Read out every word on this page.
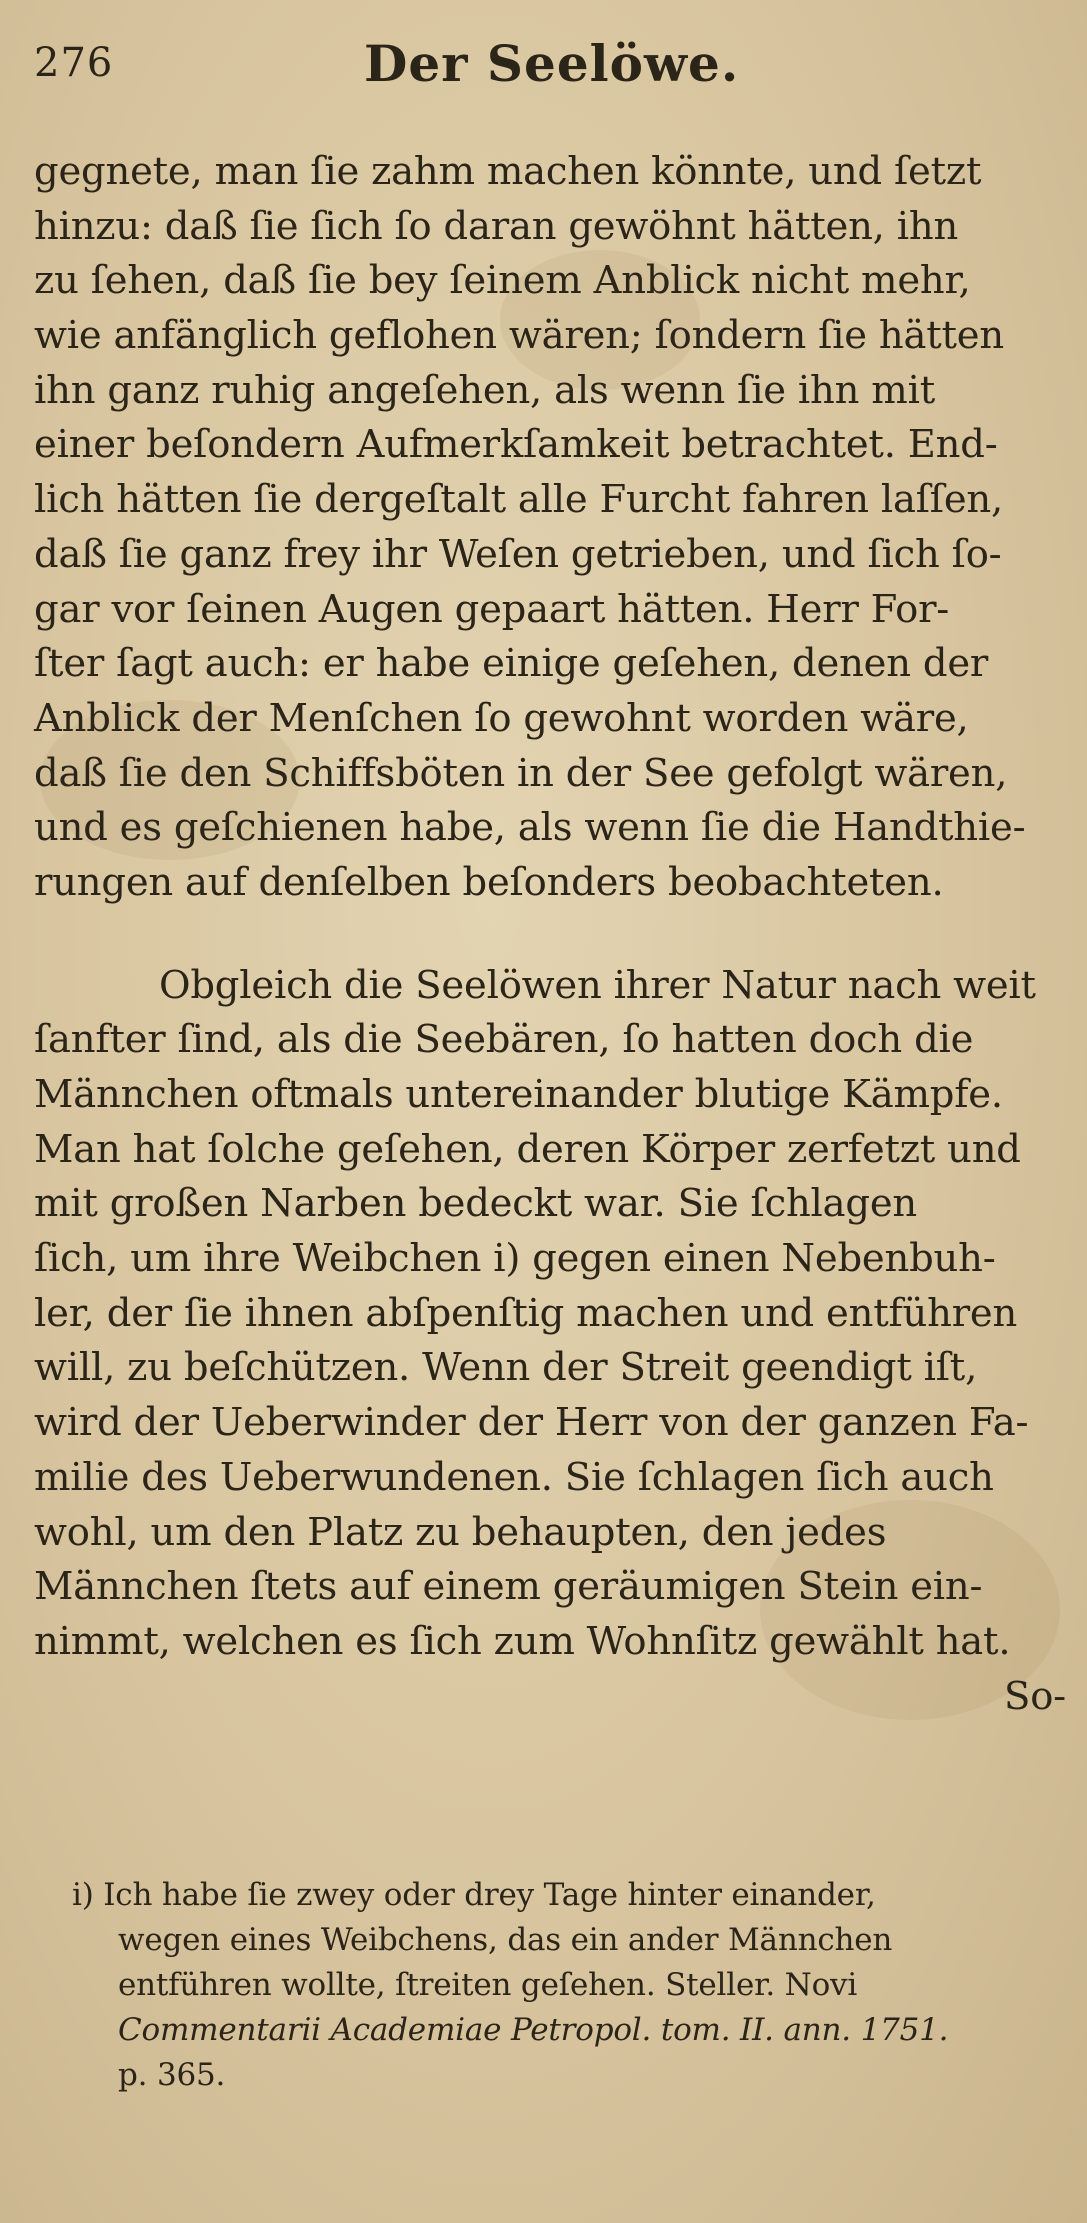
276	Der Seelöwe.
gegnete, man ſie zahm machen könnte, und ſetzt
hinzu: daß ſie ſich ſo daran gewöhnt hätten, ihn
zu ſehen, daß ſie bey ſeinem Anblick nicht mehr,
wie anfänglich geflohen wären; ſondern ſie hätten
ihn ganz ruhig angeſehen, als wenn ſie ihn mit
einer beſondern Aufmerkſamkeit betrachtet. End-
lich hätten ſie dergeſtalt alle Furcht fahren laſſen,
daß ſie ganz frey ihr Weſen getrieben, und ſich ſo-
gar vor ſeinen Augen gepaart hätten. Herr For-
ſter ſagt auch: er habe einige geſehen, denen der
Anblick der Menſchen ſo gewohnt worden wäre,
daß ſie den Schiffsböten in der See gefolgt wären,
und es geſchienen habe, als wenn ſie die Handthie-
rungen auf denſelben beſonders beobachteten.
Obgleich die Seelöwen ihrer Natur nach weit
ſanfter ſind, als die Seebären, ſo hatten doch die
Männchen oftmals untereinander blutige Kämpfe.
Man hat ſolche geſehen, deren Körper zerfetzt und
mit großen Narben bedeckt war. Sie ſchlagen
ſich, um ihre Weibchen i) gegen einen Nebenbuh-
ler, der ſie ihnen abſpenſtig machen und entführen
will, zu beſchützen. Wenn der Streit geendigt iſt,
wird der Ueberwinder der Herr von der ganzen Fa-
milie des Ueberwundenen. Sie ſchlagen ſich auch
wohl, um den Platz zu behaupten, den jedes
Männchen ſtets auf einem geräumigen Stein ein-
nimmt, welchen es ſich zum Wohnſitz gewählt hat.
So-
i) Ich habe ſie zwey oder drey Tage hinter einander,
wegen eines Weibchens, das ein ander Männchen
entführen wollte, ſtreiten geſehen. Steller. Novi
Commentarii Academiae Petropol. tom. II. ann. 1751.
p. 365.
